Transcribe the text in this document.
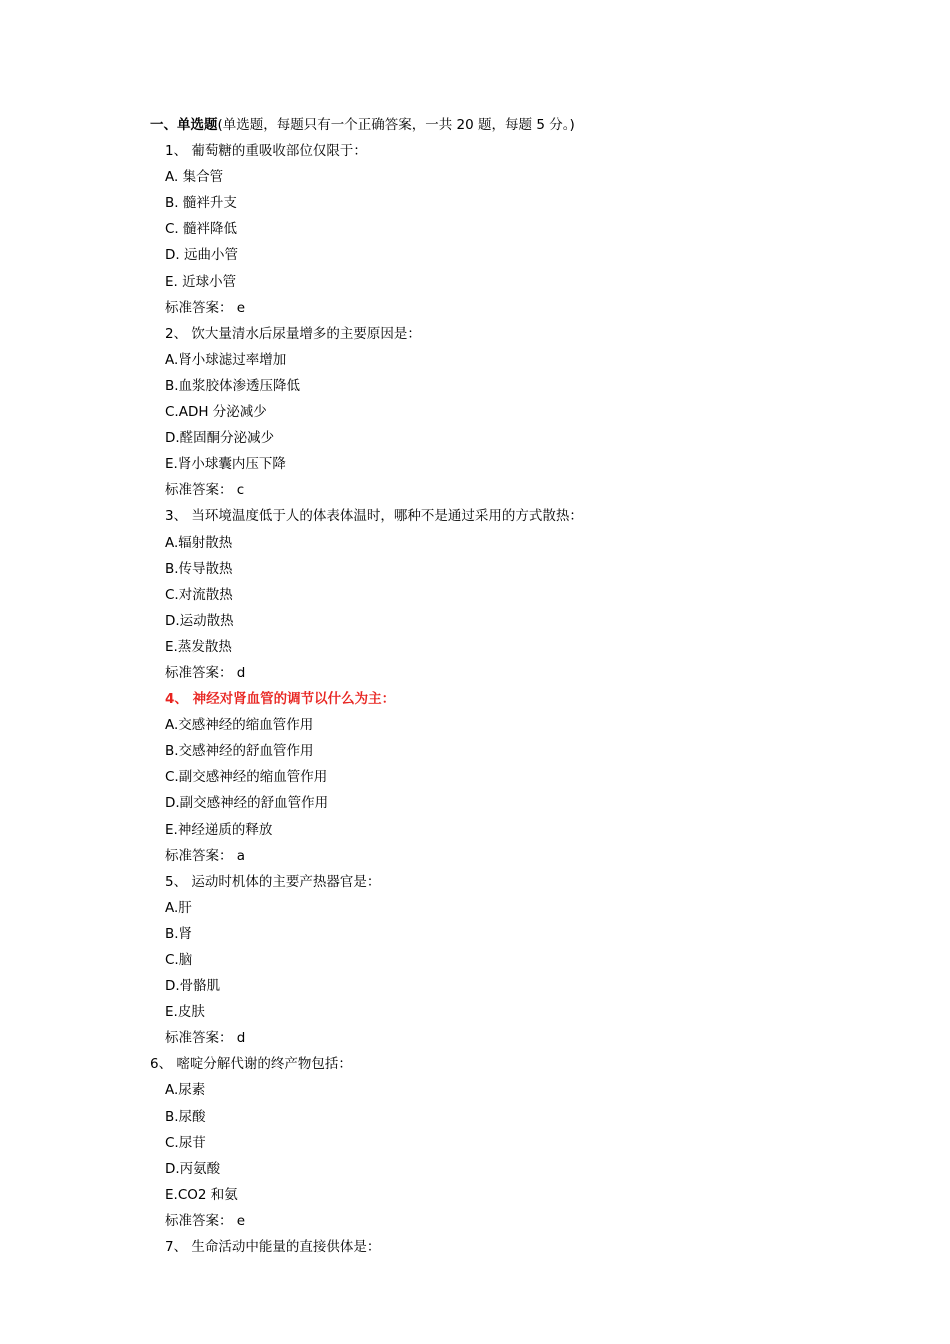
一、单选题(单选题，每题只有一个正确答案，一共 20 题，每题 5 分。)
1、 葡萄糖的重吸收部位仅限于：
A. 集合管
B. 髓袢升支
C. 髓袢降低
D. 远曲小管
E. 近球小管
标准答案： e
2、 饮大量清水后尿量增多的主要原因是：
A.肾小球滤过率增加
B.血浆胶体渗透压降低
C.ADH 分泌减少
D.醛固酮分泌减少
E.肾小球囊内压下降
标准答案： c
3、 当环境温度低于人的体表体温时，哪种不是通过采用的方式散热：
A.辐射散热
B.传导散热
C.对流散热
D.运动散热
E.蒸发散热
标准答案： d
4、 神经对肾血管的调节以什么为主：
A.交感神经的缩血管作用
B.交感神经的舒血管作用
C.副交感神经的缩血管作用
D.副交感神经的舒血管作用
E.神经递质的释放
标准答案： a
5、 运动时机体的主要产热器官是：
A.肝
B.肾
C.脑
D.骨骼肌
E.皮肤
标准答案： d
6、 嘧啶分解代谢的终产物包括：
A.尿素
B.尿酸
C.尿苷
D.丙氨酸
E.CO2 和氨
标准答案： e
7、 生命活动中能量的直接供体是：
